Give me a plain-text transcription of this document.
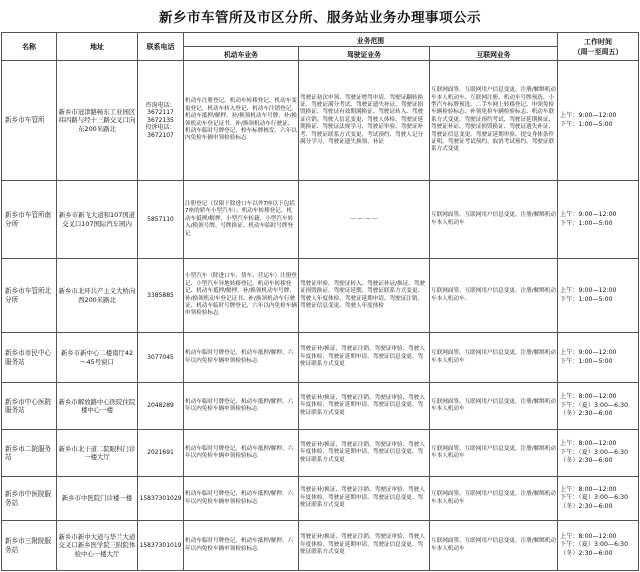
新乡市车管所及市区分所、服务站业务办理事项公示
名称	地址	联系电话	业务范围			工作时间
（周一至周五）
			机动车业务	驾驶证业务	互联网业务	
新乡市车管所	新乡市冠津路畅东工业园区纬四路与经十三路交叉口向东200米路北	咨询电话：3672117
3672135
投诉电话：3672107	机动车注册登记、机动车转移登记、机动车变更登记、机动车转入登记、机动车注销登记、机动车抵押/解押、补/换领机动车号牌、补/换领机动车登记证书、补/换领机动车行驶证、机动车临时号牌登记、校车标牌核发、六年以内免检车辆申领检验标志	驾驶证初次申领、驾驶证增驾申请、驾驶证翻转换证、驾驶证满分考试、驾驶证遗失补证、驾驶证损毁换证、驾驶证有效期满换证、驾驶证转入、驾驶证注销、驾驶人信息变更、驾驶人体检、驾驶证延期换证、驾驶证法规学习、驾驶证审验、驾驶证补考、驾驶证联系方式变更、考试预约、驾驶人记分满分学习、驾驶证遗失换领、补证	互联网面签、互联网用户信息变更、注册/解绑机动车本人机动车、互联网注册、机动车号牌预选、小型汽车标牌预选、二手车网上转移登记、申领免检车辆检验标志、补领免检车辆检验标志、机动车联系方式变更、驾驶证预约考试、驾驶证延期换证、驾驶证补证、驾驶证损毁换证、驾驶证遗失补证、驾驶证信息变更、驾驶证延期审验、提交身体条件证明、驾驶证考试预约、取消考试预约、驾驶证联系方式变更	上午：9:00—12:00
下午：1:00—5:00
新乡市车管所南分所	新乡市新飞大道和107国道交叉口107国际汽车园内	5857110	注册登记（仅限于除进口车以外7座以下包括7座的轿车小型汽车）、机动车转移登记、机动车抵押/解押、小型汽车转籍、小型汽车转入/换领号牌、号牌换证、机动车临时号牌登记	－－－－	互联网面签、互联网用户信息变更、注册/解绑机动车本人机动车	上午：9:00—12:00
下午：1:00—5:00
新乡市车管所北分所	新乡市北环共产主义大桥向西200米路北	3385885	小型汽车（除进口车、货车、营运车）注册登记、小型汽车异地转移登记、机动车转移登记、机动车抵押/解押、补/换领机动车号牌、补/换领机动车登记证书、补/换领机动车行驶证、机动车临时号牌登记、六年以内免检车辆申领检验标志	驾驶证审验、驾驶证转入、驾驶证补证/换证、驾驶证损毁换证、驾驶证延期、驾驶证联系方式变更、驾驶人年度体检、驾驶证延期申请、驾驶证注销、驾驶证信息变更、驾驶人年度体检	互联网面签、互联网用户信息变更、注册/解绑机动车本人机动车。	上午：9:00—12:00
下午：1:00—5:00
新乡市市民中心服务站	新乡市新中心二楼南厅42～45号窗口	3077045	机动车临时号牌登记、机动车抵押/解押、六年以内免检车辆申领检验标志	驾驶证补/换证、驾驶证注销、驾驶证审验、驾驶人年度体检、驾驶证延期申请、驾驶证信息变更、驾驶证联系方式变更	互联网面签、互联网用户信息变更、注册/解绑机动车本人机动车	上午：9:00—12:00
下午：1:00—5:00
新乡市中心医院服务站	新乡市解放路中心医院住院楼中心一楼	2048289	机动车临时号牌登记、机动车抵押/解押、六年以内免检车辆申领检验标志	驾驶证补/换证、驾驶证注销、驾驶证审验、驾驶人年度体检、驾驶证延期申请、驾驶证信息变更、驾驶证联系方式变更	互联网面签、互联网用户信息变更、注册/解绑机动车本人机动车	上午：8:00—12:00
下午：（夏）3:00—6:30
（冬）2:30—6:00
新乡市二院服务站	新乡市北干道二院眼科门诊一楼大厅	2021691	机动车临时号牌登记、机动车抵押/解押、六年以内免检车辆申领检验标志	驾驶证补/换证、驾驶证注销、驾驶证审验、驾驶人年度体检、驾驶证延期申请、驾驶证信息变更、驾驶证联系方式变更	互联网面签、互联网用户信息变更、注册/解绑机动车本人机动车	上午：8:00—12:00
下午：（夏）3:00—6:30
（冬）2:30—6:00
新乡市中医院服务站	新乡市中医院门诊楼一楼	15837301029	机动车临时号牌登记、机动车抵押/解押、六年以内免检车辆申领检验标志	驾驶证补/换证、驾驶证注销、驾驶证审验、驾驶人年度体检、驾驶证延期申请、驾驶证信息变更、驾驶证联系方式变更	互联网面签、互联网用户信息变更、注册/解绑机动车本人机动车	上午：8:00—12:00
下午：（夏）3:00—6:30
（冬）2:30—6:00
新乡市三附院服务站	新乡市新中大道与华兰大道交叉口新乡医学院三附院体检中心一楼大厅	15837301019	机动车临时号牌登记、机动车抵押/解押、六年以内免检车辆申领检验标志	驾驶证补/换证、驾驶证注销、驾驶证审验、驾驶人年度体检、驾驶证延期申请、驾驶证信息变更、驾驶证联系方式变更	互联网面签、互联网用户信息变更、注册/解绑机动车本人机动车	上午：8:00—12:00
下午：（夏）3:00—6:30
（冬）2:30—6:00
